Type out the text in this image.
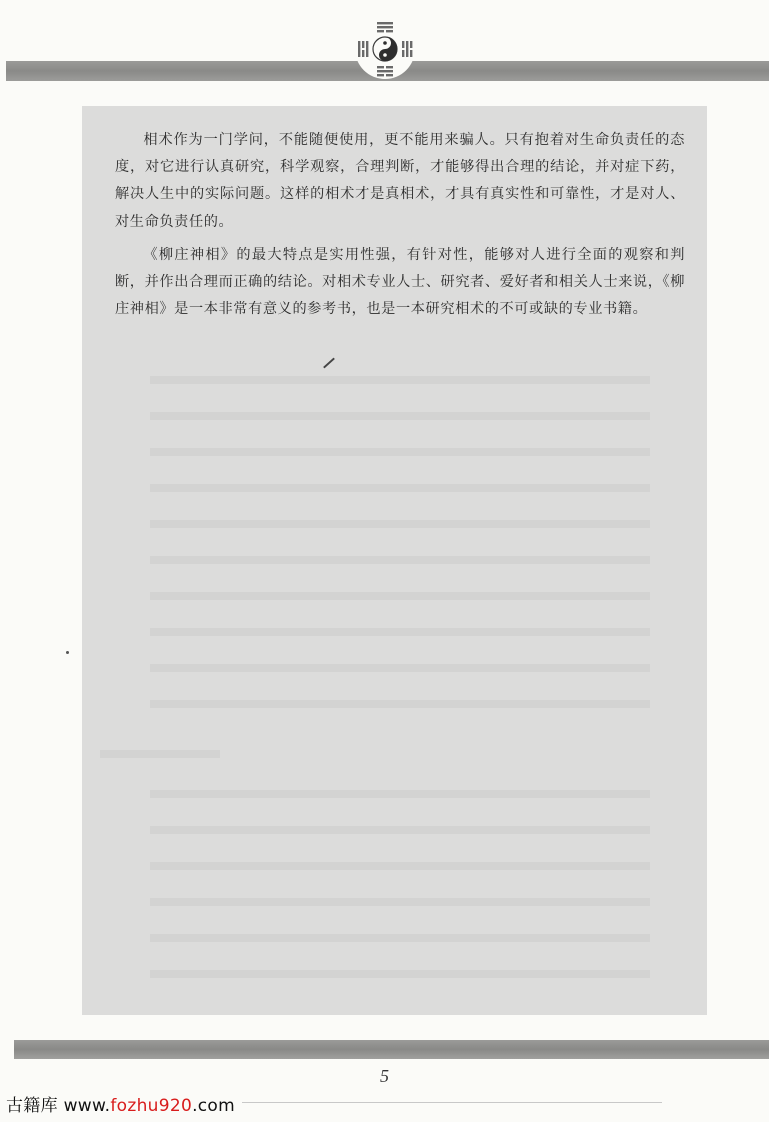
相术作为一门学问，不能随便使用，更不能用来骗人。只有抱着对生命负责任的态度，对它进行认真研究，科学观察，合理判断，才能够得出合理的结论，并对症下药，解决人生中的实际问题。这样的相术才是真相术，才具有真实性和可靠性，才是对人、对生命负责任的。

《柳庄神相》的最大特点是实用性强，有针对性，能够对人进行全面的观察和判断，并作出合理而正确的结论。对相术专业人士、研究者、爱好者和相关人士来说，《柳庄神相》是一本非常有意义的参考书，也是一本研究相术的不可或缺的专业书籍。

5
古籍库 www.fozhu920.com
